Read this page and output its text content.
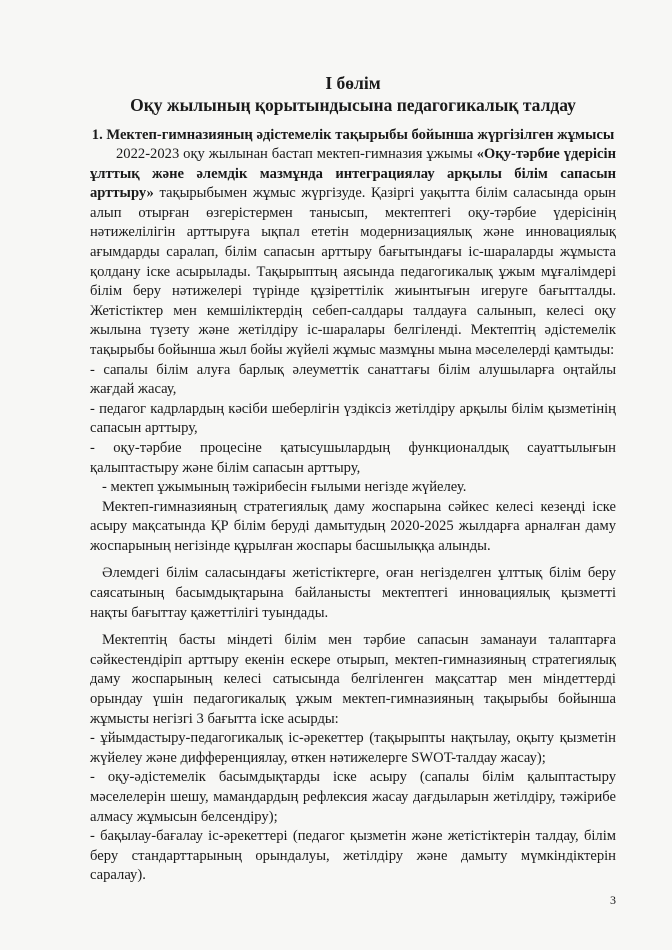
I бөлім

Оқу жылының қорытындысына педагогикалық талдау

1. Мектеп-гимназияның әдістемелік тақырыбы бойынша жүргізілген жұмысы

2022-2023 оқу жылынан бастап мектеп-гимназия ұжымы «Оқу-тәрбие үдерісін ұлттық және әлемдік мазмұнда интеграциялау арқылы білім сапасын арттыру» тақырыбымен жұмыс жүргізуде. Қазіргі уақытта білім саласында орын алып отырған өзгерістермен танысып, мектептегі оқу-тәрбие үдерісінің нәтижелілігін арттыруға ықпал ететін модернизациялық және инновациялық ағымдарды саралап, білім сапасын арттыру бағытындағы іс-шараларды жұмыста қолдану іске асырылады. Тақырыптың аясында педагогикалық ұжым мұғалімдері білім беру нәтижелері түрінде құзіреттілік жиынтығын игеруге бағытталды. Жетістіктер мен кемшіліктердің себеп-салдары талдауға салынып, келесі оқу жылына түзету және жетілдіру іс-шаралары белгіленді. Мектептің әдістемелік тақырыбы бойынша жыл бойы жүйелі жұмыс мазмұны мына мәселелерді қамтыды:

- сапалы білім алуға барлық әлеуметтік санаттағы білім алушыларға оңтайлы жағдай жасау,

- педагог кадрлардың кәсіби шеберлігін үздіксіз жетілдіру арқылы білім қызметінің сапасын арттыру,

- оқу-тәрбие процесіне қатысушылардың функционалдық сауаттылығын қалыптастыру және білім сапасын арттыру,

- мектеп ұжымының тәжірибесін ғылыми негізде жүйелеу.

Мектеп-гимназияның стратегиялық даму жоспарына сәйкес келесі кезеңді іске асыру мақсатында ҚР білім беруді дамытудың 2020-2025 жылдарға арналған даму жоспарының негізінде құрылған жоспары басшылыққа алынды.

Әлемдегі білім саласындағы жетістіктерге, оған негізделген ұлттық білім беру саясатының басымдықтарына байланысты мектептегі инновациялық қызметті нақты бағыттау қажеттілігі туындады.

Мектептің басты міндеті білім мен тәрбие сапасын заманауи талаптарға сәйкестендіріп арттыру екенін ескере отырып, мектеп-гимназияның стратегиялық даму жоспарының келесі сатысында белгіленген мақсаттар мен міндеттерді орындау үшін педагогикалық ұжым мектеп-гимназияның тақырыбы бойынша жұмысты негізгі 3 бағытта іске асырды:

- ұйымдастыру-педагогикалық іс-әрекеттер (тақырыпты нақтылау, оқыту қызметін жүйелеу және дифференциялау, өткен нәтижелерге SWOT-талдау жасау);

- оқу-әдістемелік басымдықтарды іске асыру (сапалы білім қалыптастыру мәселелерін шешу, мамандардың рефлексия жасау дағдыларын жетілдіру, тәжірибе алмасу жұмысын белсендіру);

- бақылау-бағалау іс-әрекеттері (педагог қызметін және жетістіктерін талдау, білім беру стандарттарының орындалуы, жетілдіру және дамыту мүмкіндіктерін саралау).

3
